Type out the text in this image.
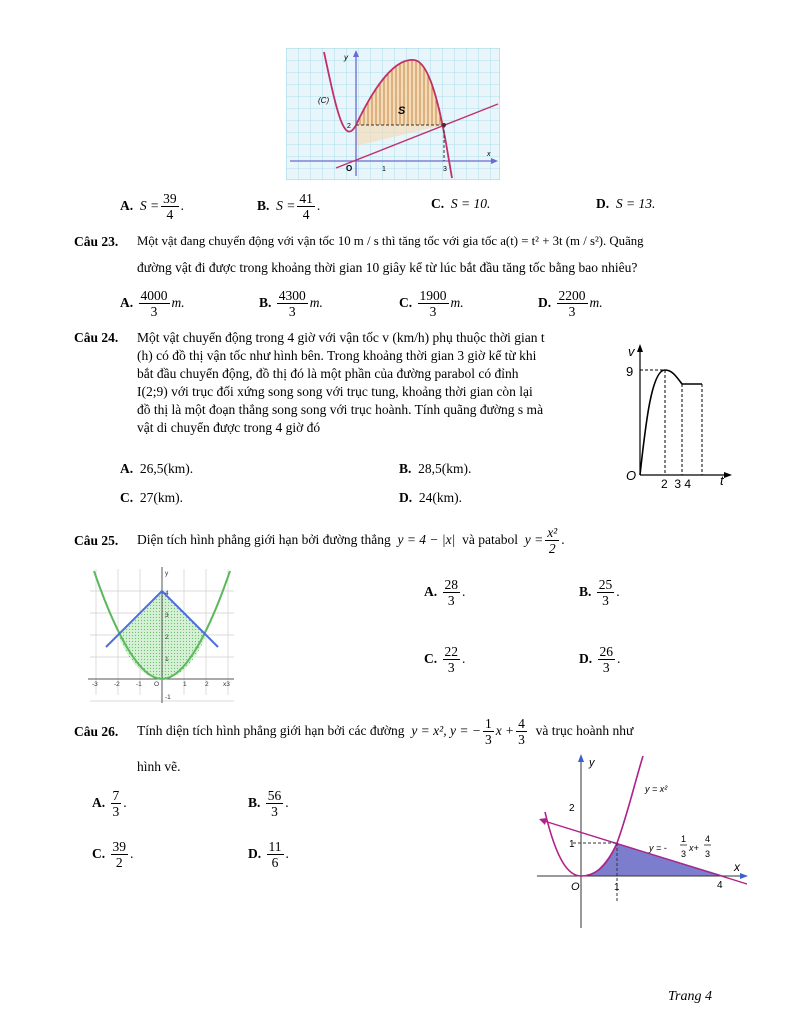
(C)
S
y
x
O	1	3
2
A.
$S = \frac{39}{4}$ .	B.
$S = \frac{41}{4}$ .	C. S = 10.	D. S = 13.
Câu 23. Một vật đang chuyển động với vận tốc 10 m / s thì tăng tốc với gia tốc a(t) = t² + 3t (m / s²). Quãng
đường vật đi được trong khoảng thời gian 10 giây kể từ lúc bắt đầu tăng tốc bằng bao nhiêu?
A.
$\frac{4000}{3} m$.	B.
$\frac{4300}{3} m$.	C.
$\frac{1900}{3} m$.	D.
$\frac{2200}{3} m$.
Câu 24. Một vật chuyển động trong 4 giờ với vận tốc v (km/h) phụ thuộc thời gian t
(h) có đồ thị vận tốc như hình bên. Trong khoảng thời gian 3 giờ kể từ khi
bắt đầu chuyển động, đồ thị đó là một phần của đường parabol có đỉnh
I(2;9) với trục đối xứng song song với trục tung, khoảng thời gian còn lại
đồ thị là một đoạn thẳng song song với trục hoành. Tính quãng đường s mà
vật di chuyển được trong 4 giờ đó
A. 26,5(km).	B. 28,5(km).
C. 27(km).	D. 24(km).
v
9
O	t
2  3 4
Câu 25. Diện tích hình phẳng giới hạn bởi đường thẳng
y = 4 − |x|
và patabol
$y = \frac{\text{x²}}{2}$ .
y
4
3
2
1
O
-1
-3 -2 -1	1	2 x3
A.
$\frac{28}{3}$ .	B.
$\frac{25}{3}$ .
C.
$\frac{22}{3}$ .	D.
$\frac{26}{3}$ .
Câu 26. Tính diện tích hình phẳng giới hạn bởi các đường
y = x²,
y = − $\frac{1}{3}$ $x + \frac{4}{3}$
và trục hoành như
hình vẽ.
A.
$\frac{7}{3}$ .	B.
$\frac{56}{3}$ .
C.
$\frac{39}{2}$ .	D.
$\frac{11}{6}$ .
y
x
O
2
1
1	4
y = x²
y = -
1
3
x+
4
3
Trang 4
